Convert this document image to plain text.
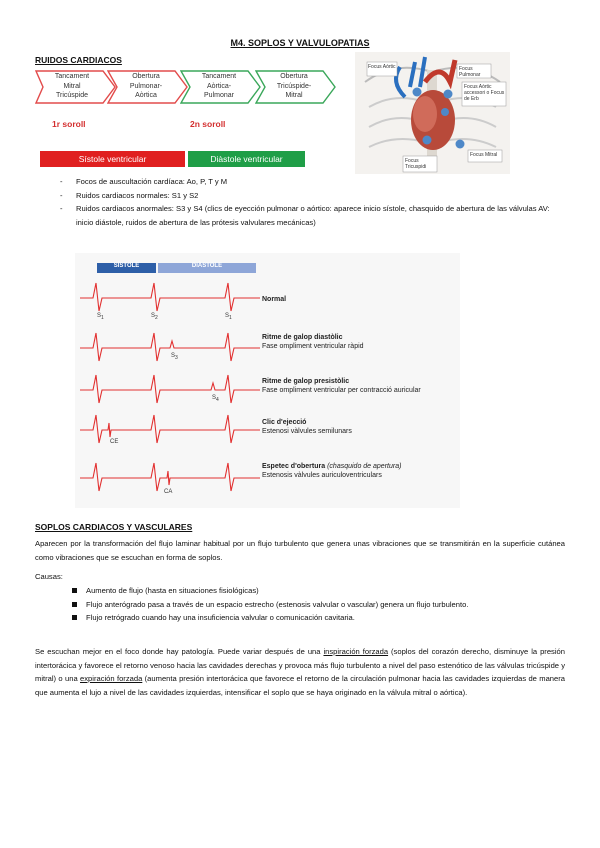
M4. SOPLOS Y VALVULOPATIAS
RUIDOS CARDIACOS
Tancament
Mitral
Tricúspide
Obertura
Pulmonar-
Aòrtica
Tancament
Aòrtica-
Pulmonar
Obertura
Tricúspide-
Mitral
1r soroll	2n soroll
Sístole ventricular	Diàstole ventricular
Focus Aòrtic	Focus Pulmonar
Focus Aòrtic accessori o Focus de Erb
Focus Tricuspidi
Focus Mitral
- Focos de auscultación cardíaca: Ao, P, T y M
- Ruidos cardiacos normales: S1 y S2
- Ruidos cardiacos anormales: S3 y S4 (clics de eyección pulmonar o aórtico: aparece inicio sístole, chasquido de abertura de las válvulas AV: inicio diástole, ruidos de abertura de las prótesis valvulares mecánicas)
SÍSTOLE	DIÀSTOLE
$S_1$	$S_2$	$S_1$
$S_3$
$S_4$
CE
CA
Normal
Ritme de galop diastòlic
Fase ompliment ventricular ràpid
Ritme de galop presistòlic
Fase ompliment ventricular per contracció auricular
Clic d'ejecció
Estenosi vàlvules semilunars
Espetec d'obertura (chasquido de apertura)
Estenosis vàlvules auriculoventriculars
SOPLOS CARDIACOS Y VASCULARES
Aparecen por la transformación del flujo laminar habitual por un flujo turbulento que genera unas vibraciones que se transmitirán en la superficie cutánea como vibraciones que se escuchan en forma de soplos.
Causas:
Aumento de flujo (hasta en situaciones fisiológicas)
Flujo anterógrado pasa a través de un espacio estrecho (estenosis valvular o vascular) genera un flujo turbulento.
Flujo retrógrado cuando hay una insuficiencia valvular o comunicación cavitaria.
Se escuchan mejor en el foco donde hay patología. Puede variar después de una inspiración forzada (soplos del corazón derecho, disminuye la presión intertorácica y favorece el retorno venoso hacia las cavidades derechas y provoca más flujo turbulento a nivel del paso estenótico de las válvulas tricúspide y mitral) o una expiración forzada (aumenta presión intertorácica que favorece el retorno de la circulación pulmonar hacia las cavidades izquierdas de manera que aumenta el lujo a nivel de las cavidades izquierdas, intensificar el soplo que se haya originado en la válvula mitral o aórtica).
